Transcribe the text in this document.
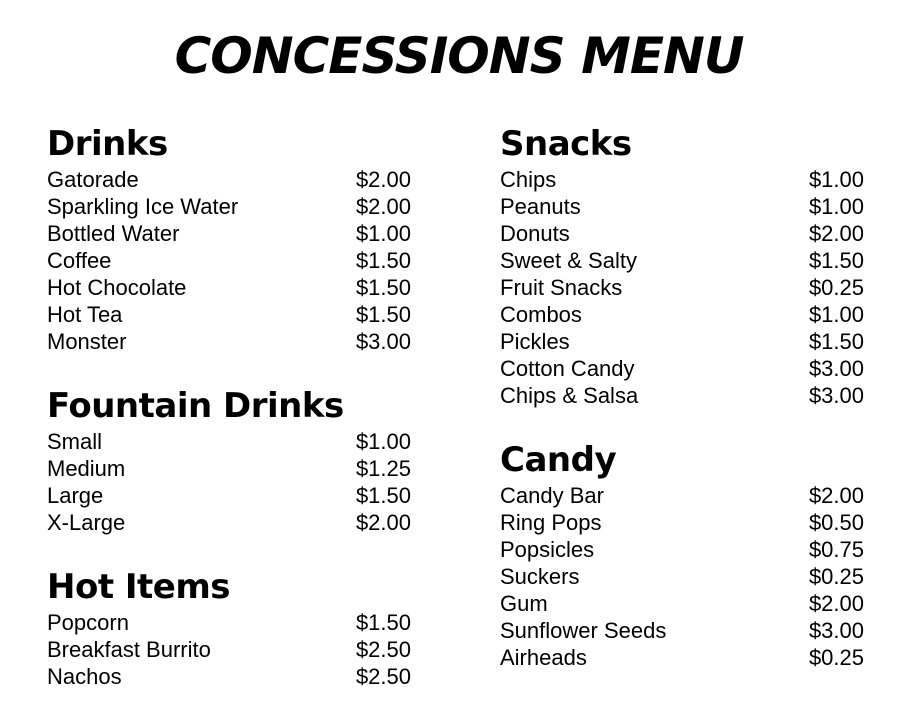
CONCESSIONS MENU
Drinks
Gatorade	$2.00
Sparkling Ice Water	$2.00
Bottled Water	$1.00
Coffee	$1.50
Hot Chocolate	$1.50
Hot Tea	$1.50
Monster	$3.00
Fountain Drinks
Small	$1.00
Medium	$1.25
Large	$1.50
X-Large	$2.00
Hot Items
Popcorn	$1.50
Breakfast Burrito	$2.50
Nachos	$2.50
Snacks
Chips	$1.00
Peanuts	$1.00
Donuts	$2.00
Sweet & Salty	$1.50
Fruit Snacks	$0.25
Combos	$1.00
Pickles	$1.50
Cotton Candy	$3.00
Chips & Salsa	$3.00
Candy
Candy Bar	$2.00
Ring Pops	$0.50
Popsicles	$0.75
Suckers	$0.25
Gum	$2.00
Sunflower Seeds	$3.00
Airheads	$0.25
